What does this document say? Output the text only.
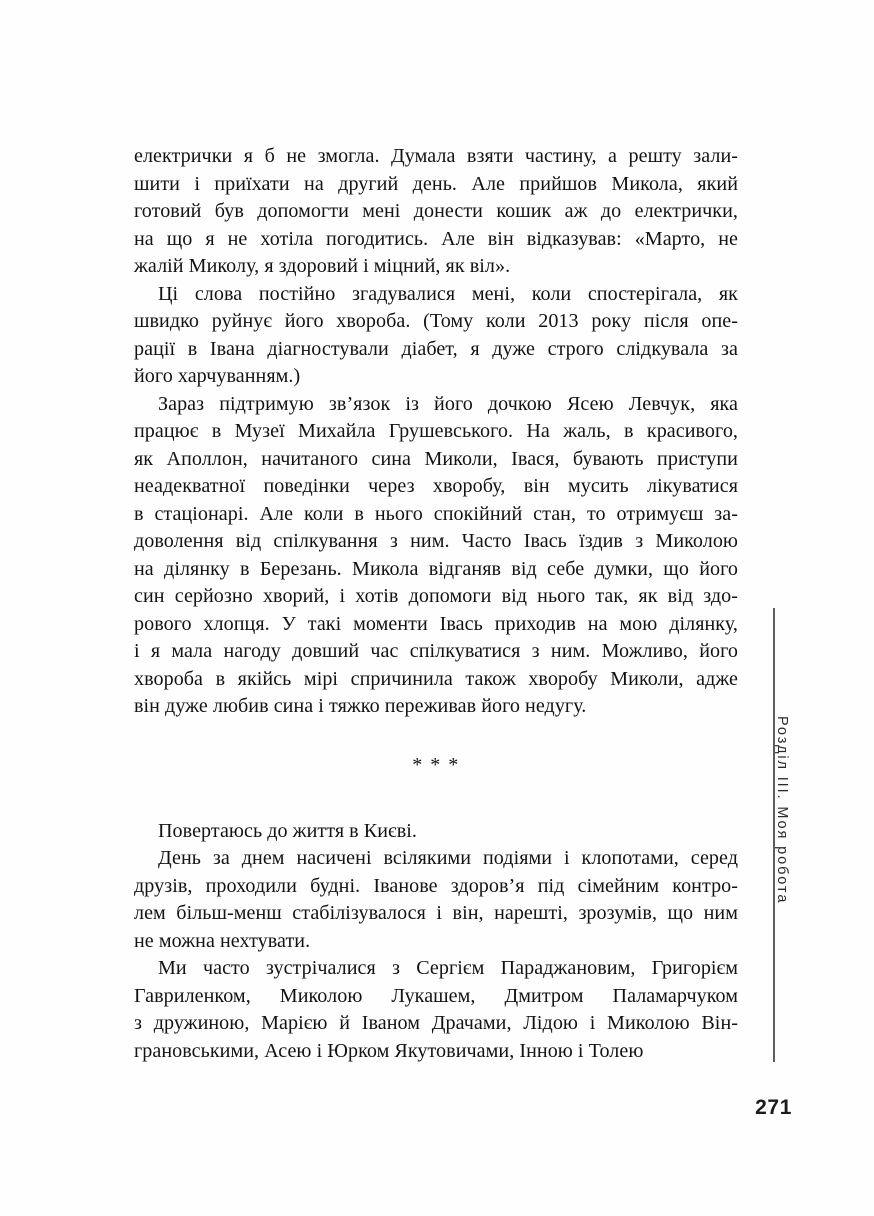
електрички я б не змогла. Думала взяти частину, а решту зали-
шити і приїхати на другий день. Але прийшов Микола, який
готовий був допомогти мені донести кошик аж до електрички,
на що я не хотіла погодитись. Але він відказував: «Марто, не
жалій Миколу, я здоровий і міцний, як віл».

Ці слова постійно згадувалися мені, коли спостерігала, як
швидко руйнує його хвороба. (Тому коли 2013 року після опе-
рації в Івана діагностували діабет, я дуже строго слідкувала за
його харчуванням.)

Зараз підтримую зв’язок із його дочкою Ясею Левчук, яка
працює в Музеї Михайла Грушевського. На жаль, в красивого,
як Аполлон, начитаного сина Миколи, Івася, бувають приступи
неадекватної поведінки через хворобу, він мусить лікуватися
в стаціонарі. Але коли в нього спокійний стан, то отримуєш за-
доволення від спілкування з ним. Часто Івась їздив з Миколою
на ділянку в Березань. Микола відганяв від себе думки, що його
син серйозно хворий, і хотів допомоги від нього так, як від здо-
рового хлопця. У такі моменти Івась приходив на мою ділянку,
і я мала нагоду довший час спілкуватися з ним. Можливо, його
хвороба в якійсь мірі спричинила також хворобу Миколи, адже
він дуже любив сина і тяжко переживав його недугу.

Повертаюсь до життя в Києві.

День за днем насичені всілякими подіями і клопотами, серед
друзів, проходили будні. Іванове здоров’я під сімейним контро-
лем більш-менш стабілізувалося і він, нарешті, зрозумів, що ним
не можна нехтувати.

Ми часто зустрічалися з Сергієм Параджановим, Григорієм
Гавриленком, Миколою Лукашем, Дмитром Паламарчуком
з дружиною, Марією й Іваном Драчами, Лідою і Миколою Він-
грановськими, Асею і Юрком Якутовичами, Інною і Толею

* * *	Розділ III. Моя робота
271
